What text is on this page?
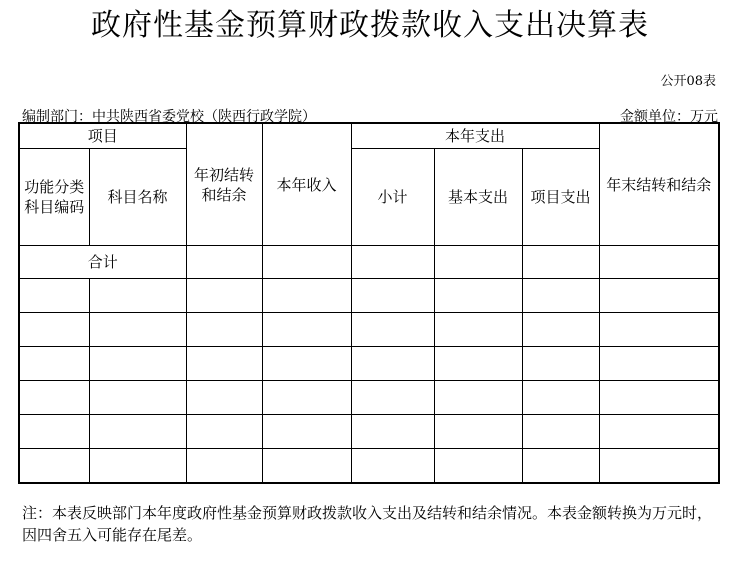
政府性基金预算财政拨款收入支出决算表
公开08表
编制部门：中共陕西省委党校（陕西行政学院）	金额单位：万元
项目		年初结转和结余	本年收入	本年支出			年末结转和结余
功能分类科目编码	科目名称			小计	基本支出	项目支出	
合计							

注：本表反映部门本年度政府性基金预算财政拨款收入支出及结转和结余情况。本表金额转换为万元时，因四舍五入可能存在尾差。
